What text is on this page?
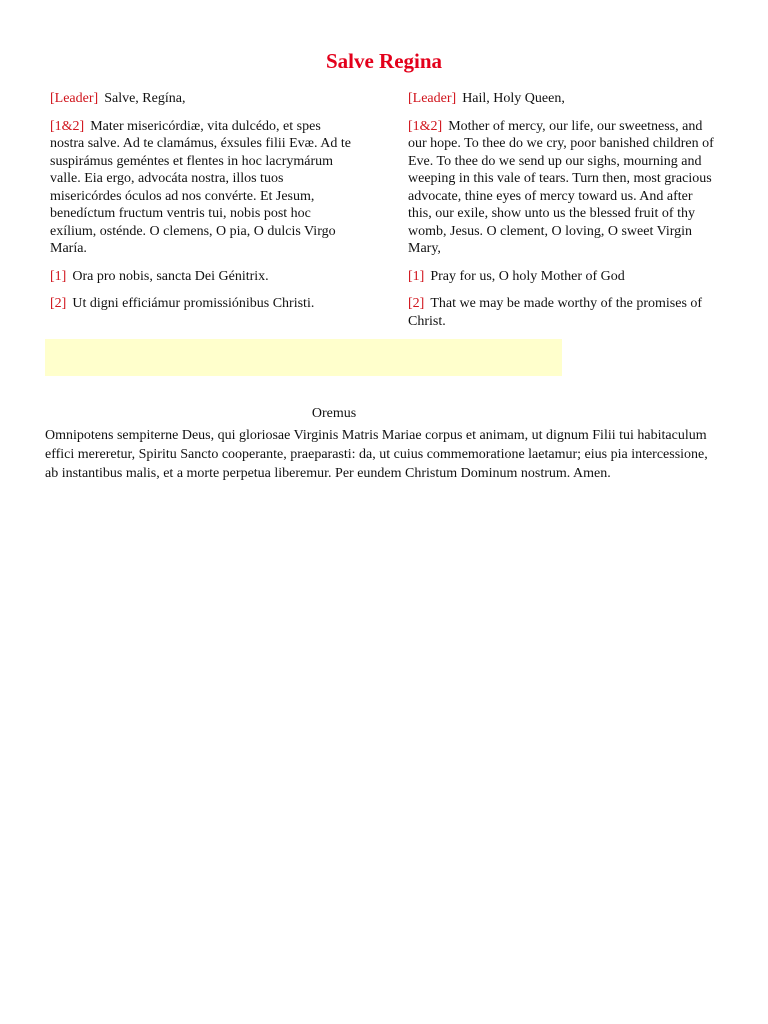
Salve Regina

[Leader] Salve, Regína,

[1&2] Mater misericórdiæ, vita dulcédo, et spes nostra salve. Ad te clamámus, éxsules filii Evæ. Ad te suspirámus geméntes et flentes in hoc lacrymárum valle. Eia ergo, advocáta nostra, illos tuos misericórdes óculos ad nos convérte. Et Jesum, benedíctum fructum ventris tui, nobis post hoc exílium, osténde. O clemens, O pia, O dulcis Virgo María.

[1] Ora pro nobis, sancta Dei Génitrix.

[2] Ut digni efficiámur promissiónibus Christi.

[Leader] Hail, Holy Queen,

[1&2] Mother of mercy, our life, our sweetness, and our hope. To thee do we cry, poor banished children of Eve. To thee do we send up our sighs, mourning and weeping in this vale of tears. Turn then, most gracious advocate, thine eyes of mercy toward us. And after this, our exile, show unto us the blessed fruit of thy womb, Jesus. O clement, O loving, O sweet Virgin Mary,

[1] Pray for us, O holy Mother of God

[2] That we may be made worthy of the promises of Christ.

Oremus
Omnipotens sempiterne Deus, qui gloriosae Virginis Matris Mariae corpus et animam, ut dignum Filii tui habitaculum effici mereretur, Spiritu Sancto cooperante, praeparasti: da, ut cuius commemoratione laetamur; eius pia intercessione, ab instantibus malis, et a morte perpetua liberemur. Per eundem Christum Dominum nostrum. Amen.
